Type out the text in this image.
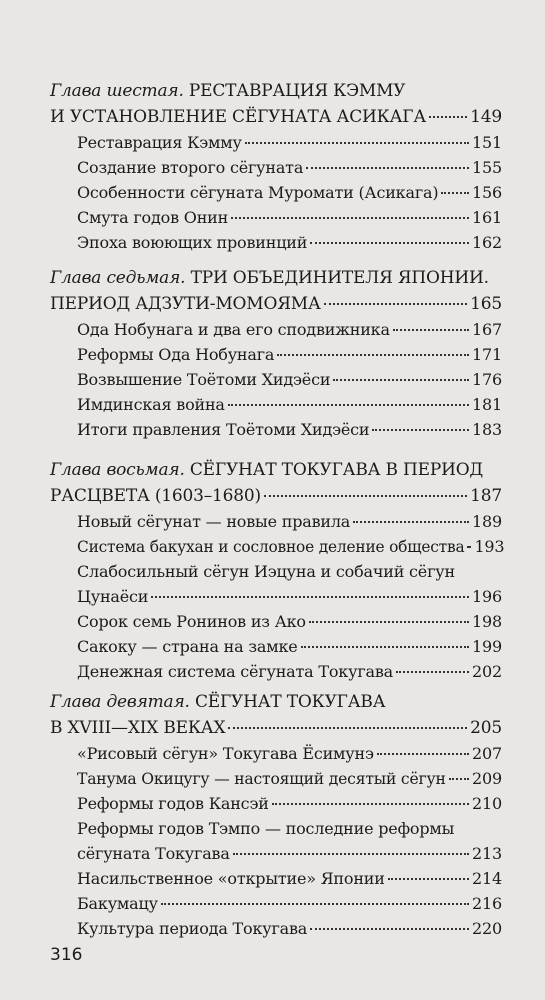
Глава шестая. РЕСТАВРАЦИЯ КЭММУ
И УСТАНОВЛЕНИЕ СЁГУНАТА АСИКАГА	149
Реставрация Кэмму	151
Создание второго сёгуната	155
Особенности сёгуната Муромати (Асикага) 156
Смута годов Онин	161
Эпоха воюющих провинций	162
Глава седьмая. ТРИ ОБЪЕДИНИТЕЛЯ ЯПОНИИ.
ПЕРИОД АДЗУТИ-МОМОЯМА	165
Ода Нобунага и два его сподвижника	167
Реформы Ода Нобунага	171
Возвышение Тоётоми Хидэёси	176
Имдинская война	181
Итоги правления Тоётоми Хидэёси	183
Глава восьмая. СЁГУНАТ ТОКУГАВА В ПЕРИОД
РАСЦВЕТА (1603–1680)	187
Новый сёгунат — новые правила	189
Система бакухан и сословное деление общества 193
Слабосильный сёгун Иэцуна и собачий сёгун
Цунаёси	196
Сорок семь Ронинов из Ако	198
Сакоку — страна на замке	199
Денежная система сёгуната Токугава	202
Глава девятая. СЁГУНАТ ТОКУГАВА
В XVIII—XIX ВЕКАХ	205
«Рисовый сёгун» Токугава Ёсимунэ	207
Танума Окицугу — настоящий десятый сёгун 209
Реформы годов Кансэй	210
Реформы годов Тэмпо — последние реформы
сёгуната Токугава	213
Насильственное «открытие» Японии	214
Бакумацу	216
Культура периода Токугава	220
316
